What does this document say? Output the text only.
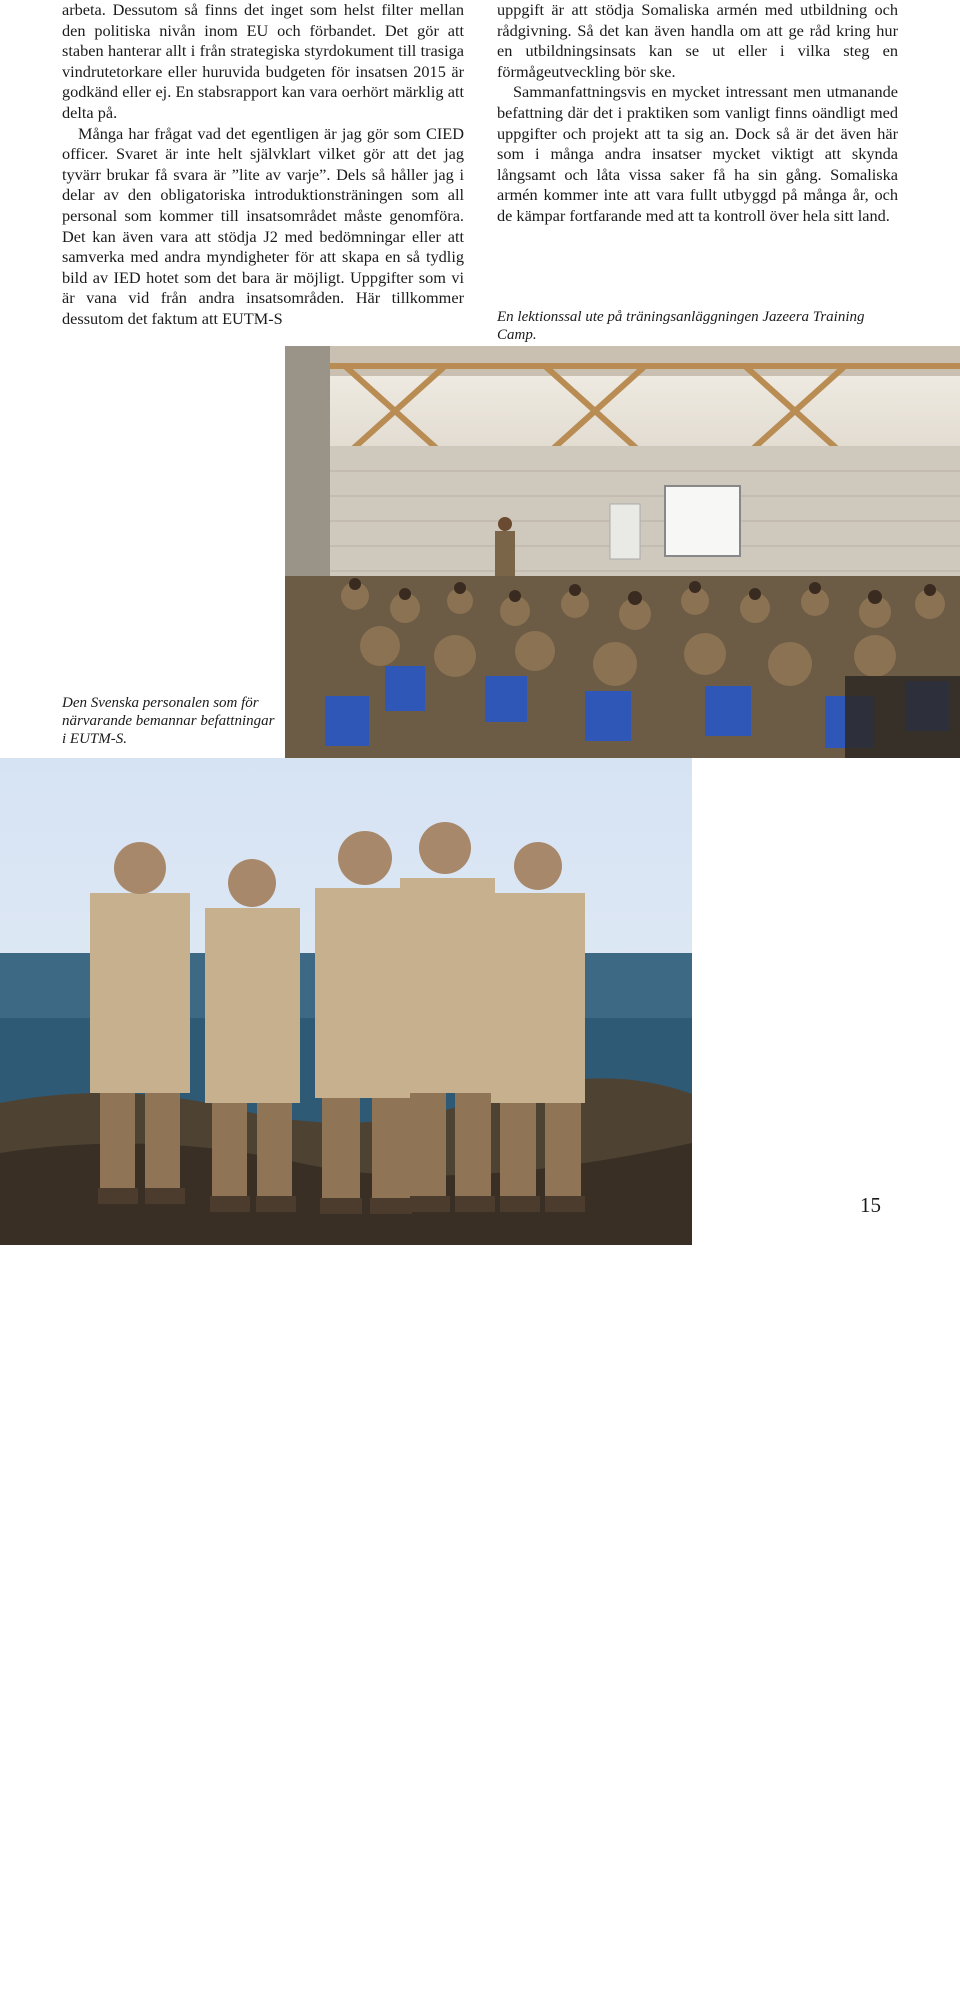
arbeta. Dessutom så finns det inget som helst filter mellan den politiska nivån inom EU och förbandet. Det gör att staben hanterar allt i från strategiska styrdokument till trasiga vindrutetorkare eller huruvida budgeten för insatsen 2015 är godkänd eller ej. En stabsrapport kan vara oerhört märklig att delta på.

Många har frågat vad det egentligen är jag gör som CIED officer. Svaret är inte helt självklart vilket gör att det jag tyvärr brukar få svara är ”lite av varje”. Dels så håller jag i delar av den obligatoriska introduktionsträningen som all personal som kommer till insatsområdet måste genomföra. Det kan även vara att stödja J2 med bedömningar eller att samverka med andra myndigheter för att skapa en så tydlig bild av IED hotet som det bara är möjligt. Uppgifter som vi är vana vid från andra insatsområden. Här tillkommer dessutom det faktum att EUTM-S

uppgift är att stödja Somaliska armén med utbildning och rådgivning. Så det kan även handla om att ge råd kring hur en utbildningsinsats kan se ut eller i vilka steg en förmågeutveckling bör ske.

Sammanfattningsvis en mycket intressant men utmanande befattning där det i praktiken som vanligt finns oändligt med uppgifter och projekt att ta sig an. Dock så är det även här som i många andra insatser mycket viktigt att skynda långsamt och låta vissa saker få ha sin gång. Somaliska armén kommer inte att vara fullt utbyggd på många år, och de kämpar fortfarande med att ta kontroll över hela sitt land.

En lektionssal ute på träningsanläggningen Jazeera Training Camp.
Den Svenska personalen som för närvarande bemannar befattningar i EUTM-S.
Foto Anders Svensson
15
